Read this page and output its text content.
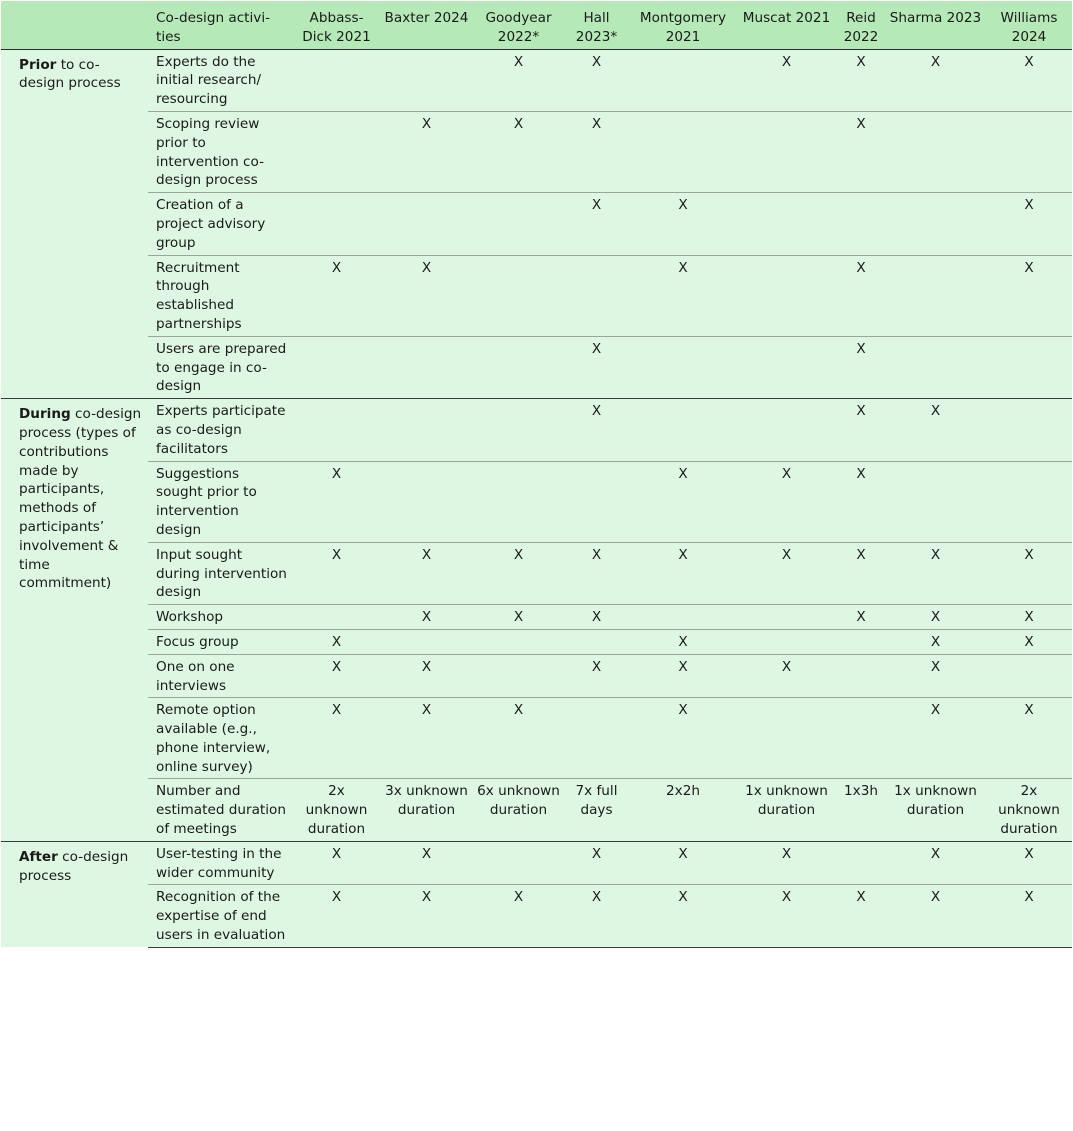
	Co-design activi-ties	Abbass-Dick 2021	Baxter 2024	Goodyear 2022*	Hall 2023*	Montgomery 2021	Muscat 2021	Reid 2022	Sharma 2023	Williams 2024
Prior to co-design process	Experts do the initial research/ resourcing			X	X		X	X	X	X
	Scoping review prior to intervention co-design process		X	X	X			X		
	Creation of a project advisory group				X	X				X
	Recruitment through established partnerships	X	X			X		X		X
	Users are prepared to engage in co-design				X			X		
During co-design process (types of contributions made by participants, methods of participants’ involvement & time commitment)	Experts participate as co-design facilitators				X			X	X	
	Suggestions sought prior to intervention design	X				X	X	X		
	Input sought during intervention design	X	X	X	X	X	X	X	X	X
	Workshop		X	X	X			X	X	X
	Focus group	X				X			X	X
	One on one interviews	X	X		X	X	X		X	
	Remote option available (e.g., phone interview, online survey)	X	X	X		X			X	X
	Number and estimated duration of meetings	2x unknown duration	3x unknown duration	6x unknown duration	7x full days	2x2h	1x unknown duration	1x3h	1x unknown duration	2x unknown duration
After co-design process	User-testing in the wider community	X	X		X	X	X		X	X
	Recognition of the expertise of end users in evaluation	X	X	X	X	X	X	X	X	X
